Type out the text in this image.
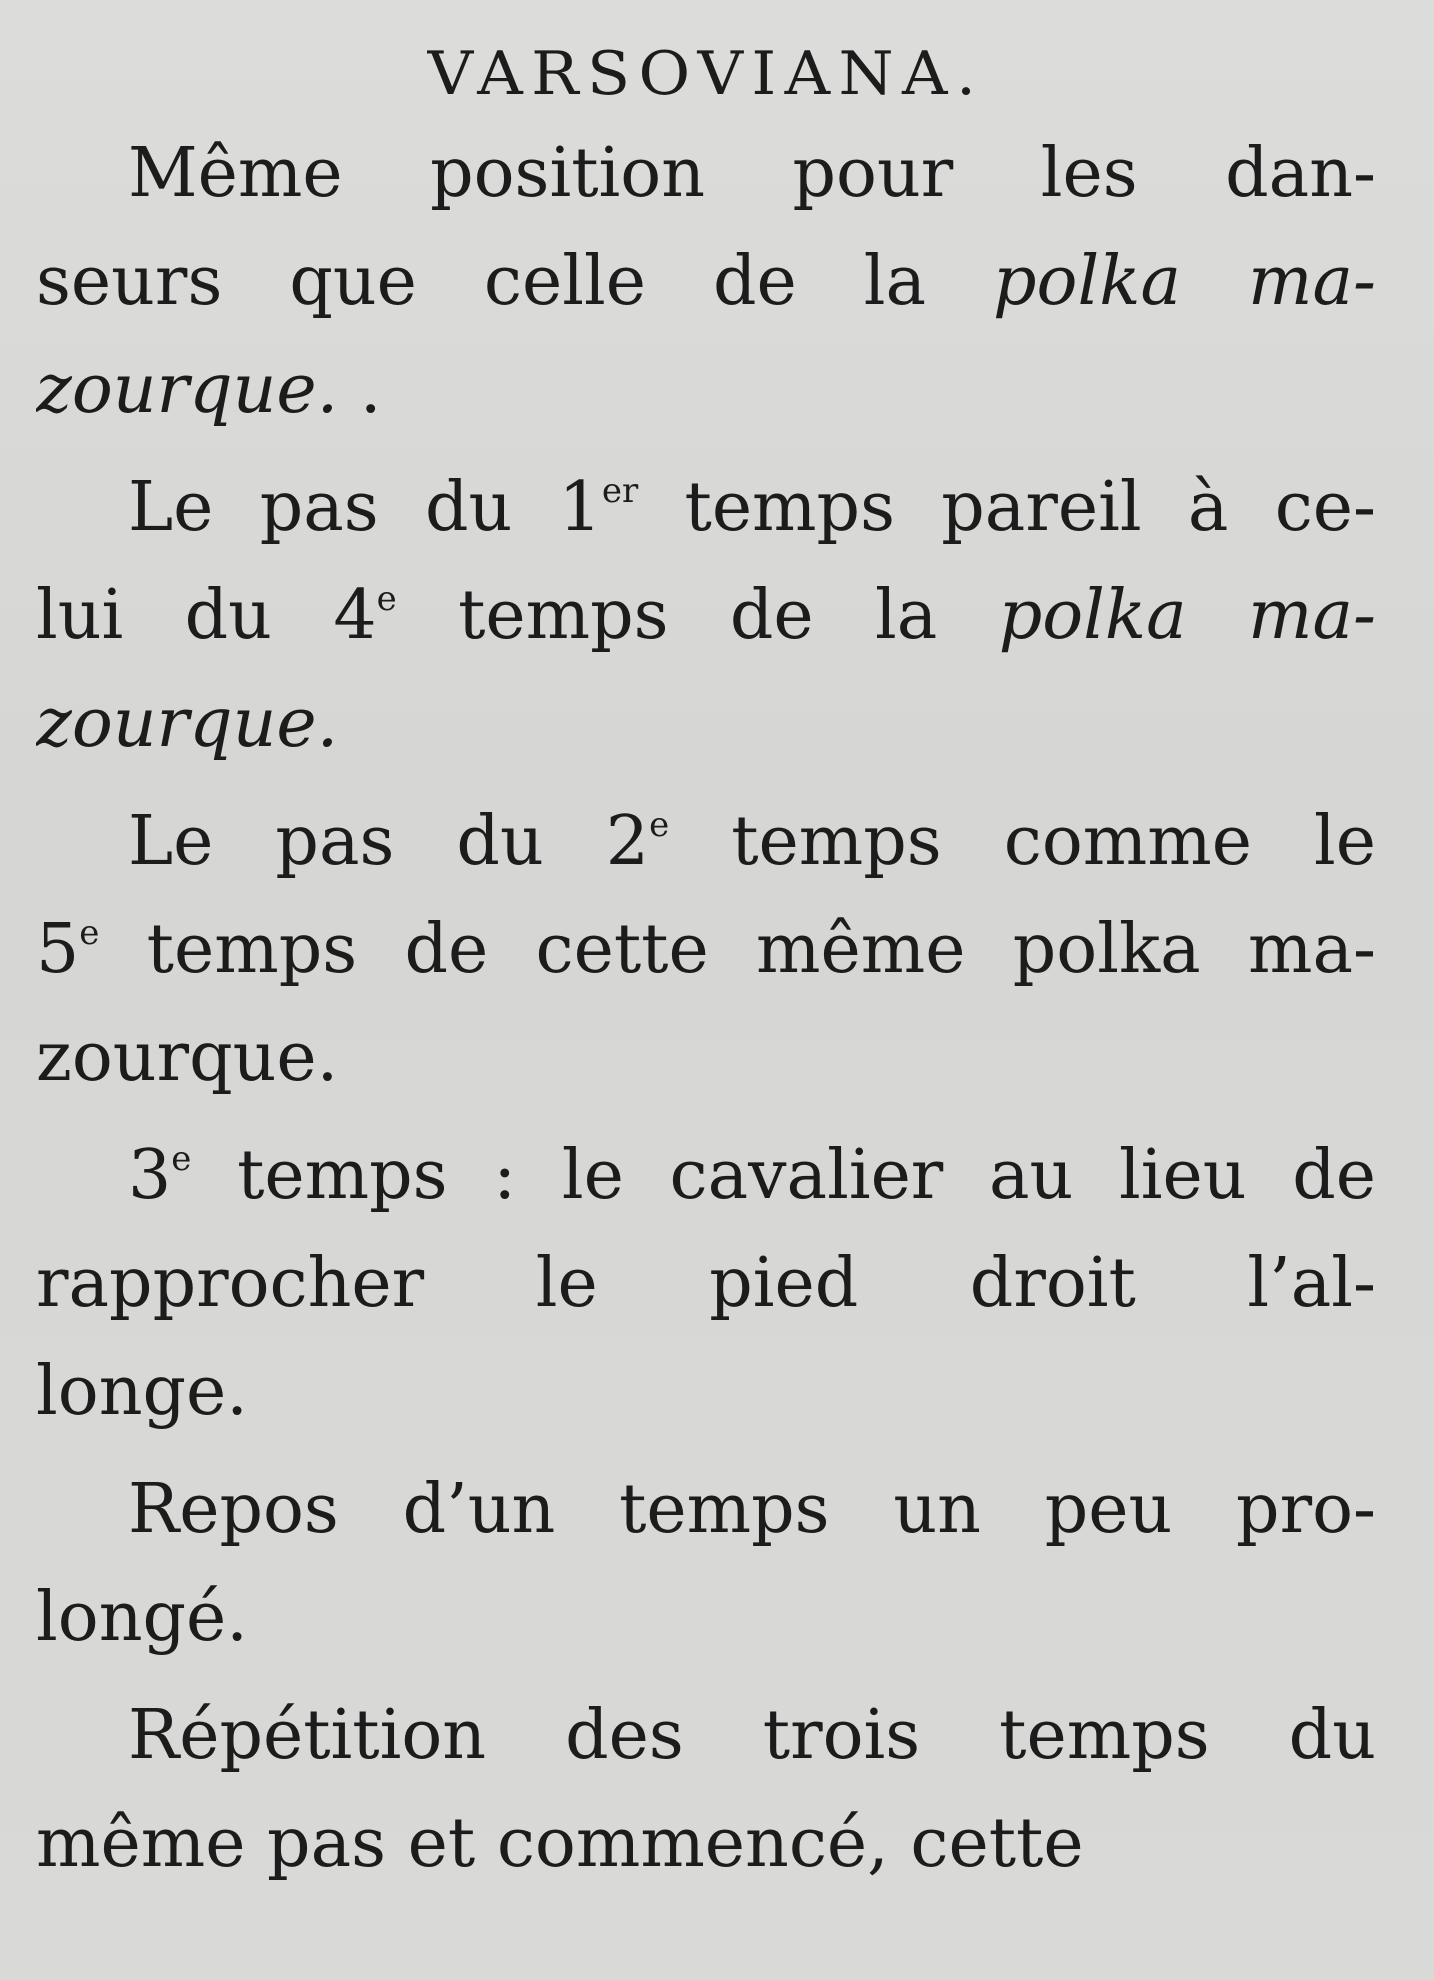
VARSOVIANA.
Même position pour les dan-
seurs que celle de la polka ma-
zourque. .
Le pas du 1er temps pareil à ce-
lui du 4e temps de la polka ma-
zourque.
Le pas du 2e temps comme le
5e temps de cette même polka ma-
zourque.
3e temps : le cavalier au lieu de
rapprocher le pied droit l’al-
longe.
Repos d’un temps un peu pro-
longé.
Répétition des trois temps du
même pas et commencé, cette
